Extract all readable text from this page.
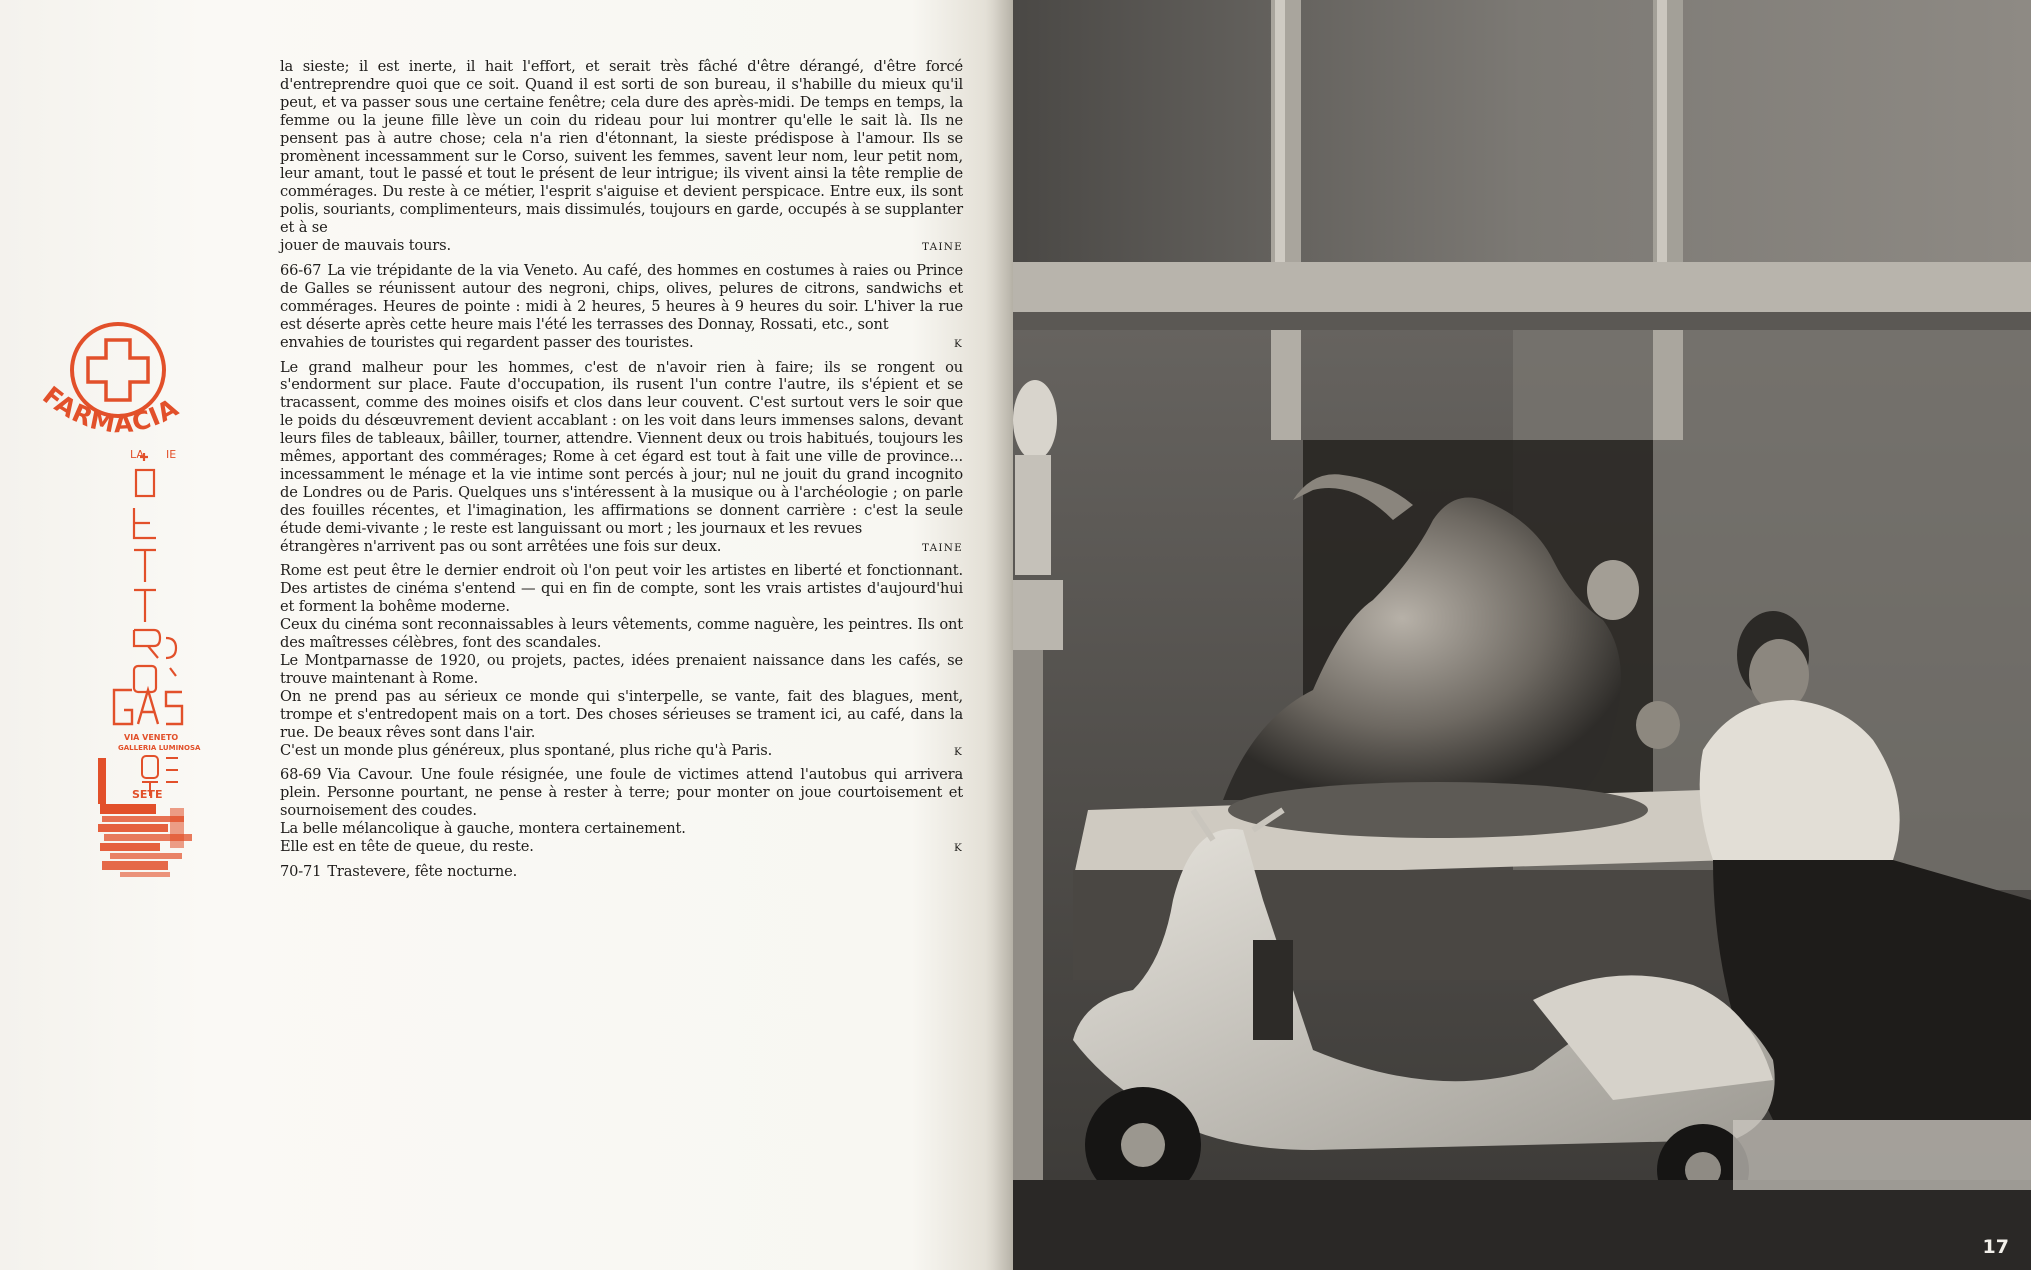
FARMACIA
LA IE
VIA VENETO
GALLERIA LUMINOSA
SETE

la sieste; il est inerte, il hait l'effort, et serait très fâché d'être dérangé, d'être forcé d'entreprendre quoi que ce soit. Quand il est sorti de son bureau, il s'habille du mieux qu'il peut, et va passer sous une certaine fenêtre; cela dure des après-midi. De temps en temps, la femme ou la jeune fille lève un coin du rideau pour lui montrer qu'elle le sait là. Ils ne pensent pas à autre chose; cela n'a rien d'étonnant, la sieste prédispose à l'amour. Ils se promènent incessamment sur le Corso, suivent les femmes, savent leur nom, leur petit nom, leur amant, tout le passé et tout le présent de leur intrigue; ils vivent ainsi la tête remplie de commérages. Du reste à ce métier, l'esprit s'aiguise et devient perspicace. Entre eux, ils sont polis, souriants, complimenteurs, mais dissimulés, toujours en garde, occupés à se supplanter et à se

jouer de mauvais tours.	TAINE

66-67 La vie trépidante de la via Veneto. Au café, des hommes en costumes à raies ou Prince de Galles se réunissent autour des negroni, chips, olives, pelures de citrons, sandwichs et commérages. Heures de pointe : midi à 2 heures, 5 heures à 9 heures du soir. L'hiver la rue est déserte après cette heure mais l'été les terrasses des Donnay, Rossati, etc., sont

envahies de touristes qui regardent passer des touristes.	K

Le grand malheur pour les hommes, c'est de n'avoir rien à faire; ils se rongent ou s'endorment sur place. Faute d'occupation, ils rusent l'un contre l'autre, ils s'épient et se tracassent, comme des moines oisifs et clos dans leur couvent. C'est surtout vers le soir que le poids du désœuvrement devient accablant : on les voit dans leurs immenses salons, devant leurs files de tableaux, bâiller, tourner, attendre. Viennent deux ou trois habitués, toujours les mêmes, apportant des commérages; Rome à cet égard est tout à fait une ville de province... incessamment le ménage et la vie intime sont percés à jour; nul ne jouit du grand incognito de Londres ou de Paris. Quelques uns s'intéressent à la musique ou à l'archéologie ; on parle des fouilles récentes, et l'imagination, les affirmations se donnent carrière : c'est la seule étude demi-vivante ; le reste est languissant ou mort ; les journaux et les revues

étrangères n'arrivent pas ou sont arrêtées une fois sur deux.	TAINE

Rome est peut être le dernier endroit où l'on peut voir les artistes en liberté et fonctionnant. Des artistes de cinéma s'entend — qui en fin de compte, sont les vrais artistes d'aujourd'hui et forment la bohême moderne.

Ceux du cinéma sont reconnaissables à leurs vêtements, comme naguère, les peintres. Ils ont des maîtresses célèbres, font des scandales.

Le Montparnasse de 1920, ou projets, pactes, idées prenaient naissance dans les cafés, se trouve maintenant à Rome.

On ne prend pas au sérieux ce monde qui s'interpelle, se vante, fait des blagues, ment, trompe et s'entredopent mais on a tort. Des choses sérieuses se trament ici, au café, dans la rue. De beaux rêves sont dans l'air.

C'est un monde plus généreux, plus spontané, plus riche qu'à Paris.	K

68-69 Via Cavour. Une foule résignée, une foule de victimes attend l'autobus qui arrivera plein. Personne pourtant, ne pense à rester à terre; pour monter on joue courtoisement et sournoisement des coudes.

La belle mélancolique à gauche, montera certainement.

Elle est en tête de queue, du reste.	K

70-71 Trastevere, fête nocturne.

17
